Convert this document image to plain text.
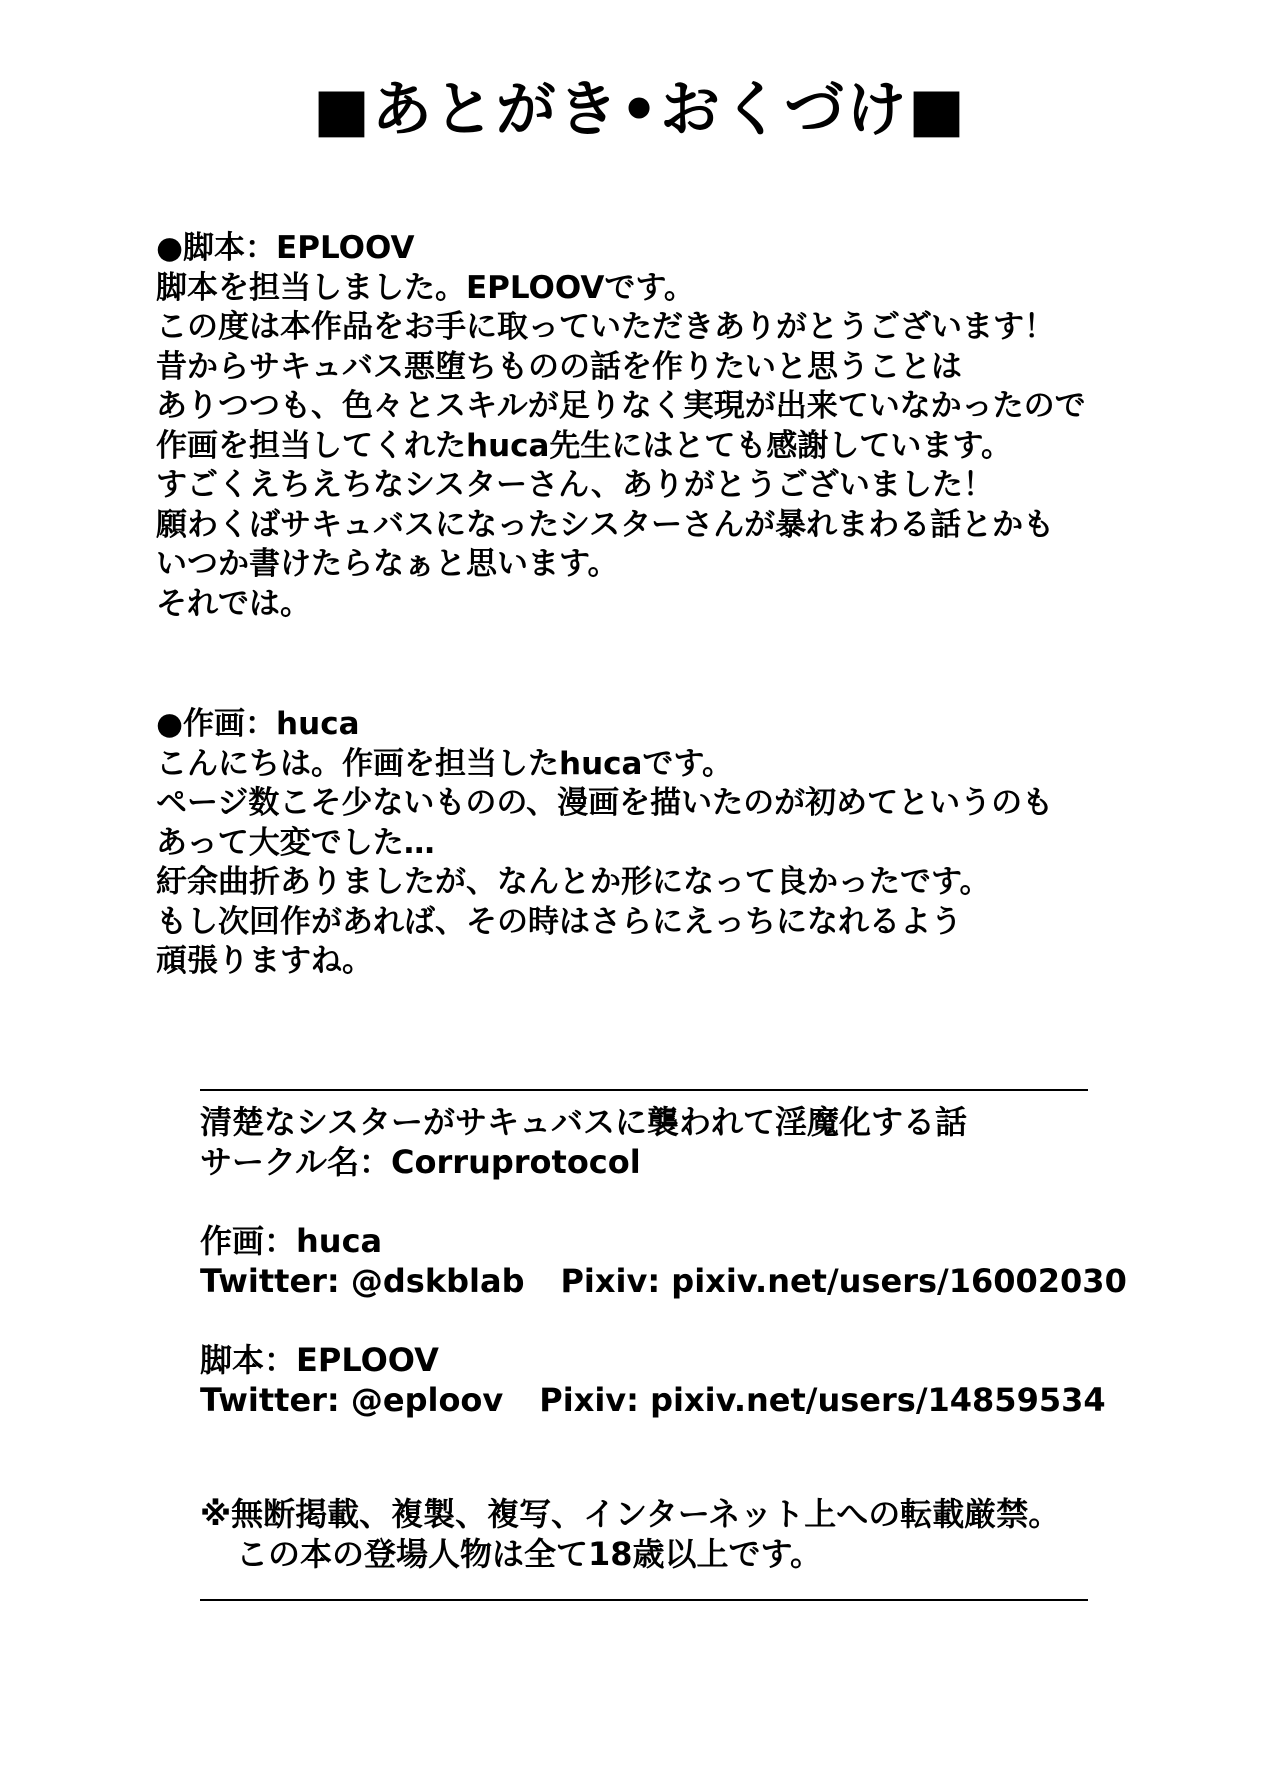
■あとがき•おくづけ■
●脚本：EPLOOV
脚本を担当しました。EPLOOVです。
この度は本作品をお手に取っていただきありがとうございます！
昔からサキュバス悪堕ちものの話を作りたいと思うことは
ありつつも、色々とスキルが足りなく実現が出来ていなかったので
作画を担当してくれたhuca先生にはとても感謝しています。
すごくえちえちなシスターさん、ありがとうございました！
願わくばサキュバスになったシスターさんが暴れまわる話とかも
いつか書けたらなぁと思います。
それでは。
●作画：huca
こんにちは。作画を担当したhucaです。
ページ数こそ少ないものの、漫画を描いたのが初めてというのも
あって大変でした…
紆余曲折ありましたが、なんとか形になって良かったです。
もし次回作があれば、その時はさらにえっちになれるよう
頑張りますね。
清楚なシスターがサキュバスに襲われて淫魔化する話
サークル名：Corruprotocol
作画：huca
Twitter: @dskblab Pixiv: pixiv.net/users/16002030
脚本：EPLOOV
Twitter: @eploov Pixiv: pixiv.net/users/14859534
※無断掲載、複製、複写、インターネット上への転載厳禁。
この本の登場人物は全て18歳以上です。
